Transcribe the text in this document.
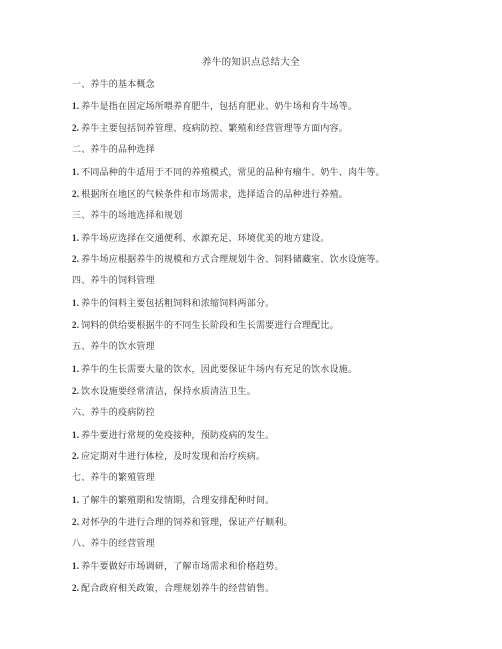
养牛的知识点总结大全
一、养牛的基本概念
1. 养牛是指在固定场所喂养育肥牛，包括育肥业、奶牛场和育牛场等。
2. 养牛主要包括饲养管理、疫病防控、繁殖和经营管理等方面内容。
二、养牛的品种选择
1. 不同品种的牛适用于不同的养殖模式，常见的品种有瘤牛、奶牛、肉牛等。
2. 根据所在地区的气候条件和市场需求，选择适合的品种进行养殖。
三、养牛的场地选择和规划
1. 养牛场应选择在交通便利、水源充足、环境优美的地方建设。
2. 养牛场应根据养牛的规模和方式合理规划牛舍、饲料储藏室、饮水设施等。
四、养牛的饲料管理
1. 养牛的饲料主要包括粗饲料和浓缩饲料两部分。
2. 饲料的供给要根据牛的不同生长阶段和生长需要进行合理配比。
五、养牛的饮水管理
1. 养牛的生长需要大量的饮水，因此要保证牛场内有充足的饮水设施。
2. 饮水设施要经常清洁，保持水质清洁卫生。
六、养牛的疫病防控
1. 养牛要进行常规的免疫接种，预防疫病的发生。
2. 应定期对牛进行体检，及时发现和治疗疾病。
七、养牛的繁殖管理
1. 了解牛的繁殖期和发情期，合理安排配种时间。
2. 对怀孕的牛进行合理的饲养和管理，保证产仔顺利。
八、养牛的经营管理
1. 养牛要做好市场调研，了解市场需求和价格趋势。
2. 配合政府相关政策，合理规划养牛的经营销售。
